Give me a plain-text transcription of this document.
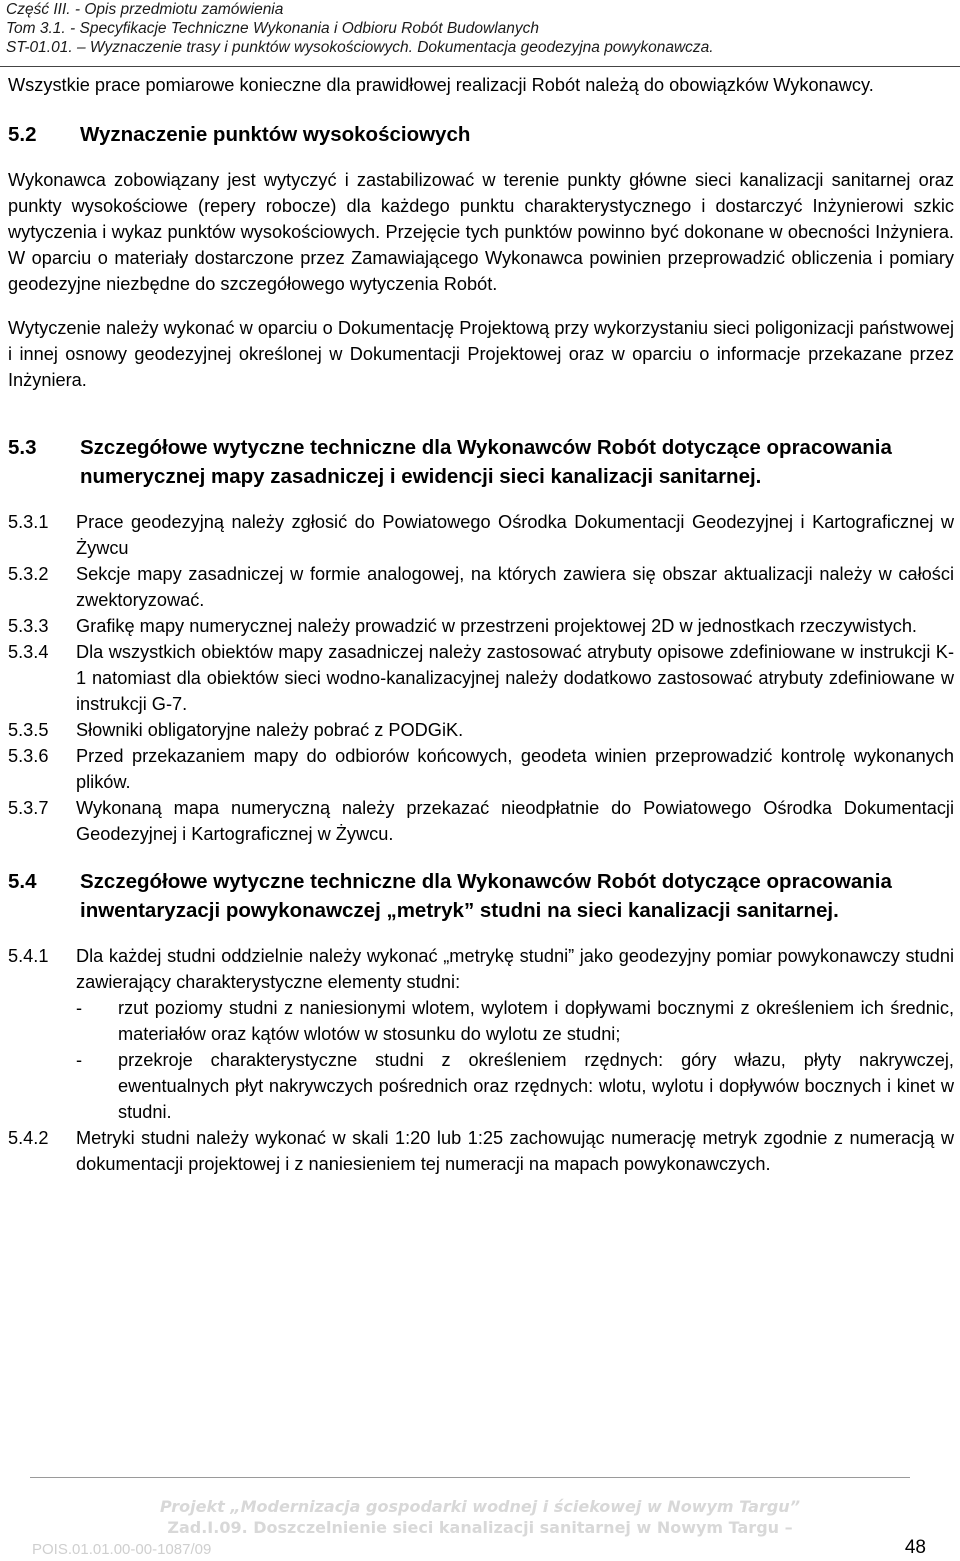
Część III. - Opis przedmiotu zamówienia
Tom 3.1. - Specyfikacje Techniczne Wykonania i Odbioru Robót Budowlanych
ST-01.01. – Wyznaczenie trasy i punktów wysokościowych. Dokumentacja geodezyjna powykonawcza.

Wszystkie prace pomiarowe konieczne dla prawidłowej realizacji Robót należą do obowiązków Wykonawcy.

5.2	Wyznaczenie punktów wysokościowych

Wykonawca zobowiązany jest wytyczyć i zastabilizować w terenie punkty główne sieci kanalizacji sanitarnej oraz punkty wysokościowe (repery robocze) dla każdego punktu charakterystycznego i dostarczyć Inżynierowi szkic wytyczenia i wykaz punktów wysokościowych. Przejęcie tych punktów powinno być dokonane w obecności Inżyniera. W oparciu o materiały dostarczone przez Zamawiającego Wykonawca powinien przeprowadzić obliczenia i pomiary geodezyjne niezbędne do szczegółowego wytyczenia Robót.

Wytyczenie należy wykonać w oparciu o Dokumentację Projektową przy wykorzystaniu sieci poligonizacji państwowej i innej osnowy geodezyjnej określonej w Dokumentacji Projektowej oraz w oparciu o informacje przekazane przez Inżyniera.

5.3	Szczegółowe wytyczne techniczne dla Wykonawców Robót dotyczące opracowania numerycznej mapy zasadniczej i ewidencji sieci kanalizacji sanitarnej.
5.3.1	Prace geodezyjną należy zgłosić do Powiatowego Ośrodka Dokumentacji Geodezyjnej i Kartograficznej w Żywcu
5.3.2	Sekcje mapy zasadniczej w formie analogowej, na których zawiera się obszar aktualizacji należy w całości zwektoryzować.
5.3.3	Grafikę mapy numerycznej należy prowadzić w przestrzeni projektowej 2D w jednostkach rzeczywistych.
5.3.4	Dla wszystkich obiektów mapy zasadniczej należy zastosować atrybuty opisowe zdefiniowane w instrukcji K-1 natomiast dla obiektów sieci wodno-kanalizacyjnej należy dodatkowo zastosować atrybuty zdefiniowane w instrukcji G-7.
5.3.5	Słowniki obligatoryjne należy pobrać z PODGiK.
5.3.6	Przed przekazaniem mapy do odbiorów końcowych, geodeta winien przeprowadzić kontrolę wykonanych plików.
5.3.7	Wykonaną mapa numeryczną należy przekazać nieodpłatnie do Powiatowego Ośrodka Dokumentacji Geodezyjnej i Kartograficznej w Żywcu.
5.4	Szczegółowe wytyczne techniczne dla Wykonawców Robót dotyczące opracowania inwentaryzacji powykonawczej „metryk” studni na sieci kanalizacji sanitarnej.
5.4.1	Dla każdej studni oddzielnie należy wykonać „metrykę studni” jako geodezyjny pomiar powykonawczy studni zawierający charakterystyczne elementy studni:
-	rzut poziomy studni z naniesionymi wlotem, wylotem i dopływami bocznymi z określeniem ich średnic, materiałów oraz kątów wlotów w stosunku do wylotu ze studni;
-	przekroje charakterystyczne studni z określeniem rzędnych: góry włazu, płyty nakrywczej, ewentualnych płyt nakrywczych pośrednich oraz rzędnych: wlotu, wylotu i dopływów bocznych i kinet w studni.
5.4.2	Metryki studni należy wykonać w skali 1:20 lub 1:25 zachowując numerację metryk zgodnie z numeracją w dokumentacji projektowej i z naniesieniem tej numeracji na mapach powykonawczych.
Projekt „Modernizacja gospodarki wodnej i ściekowej w Nowym Targu”
Zad.I.09. Doszczelnienie sieci kanalizacji sanitarnej w Nowym Targu –
POIS.01.01.00-00-1087/09	48
